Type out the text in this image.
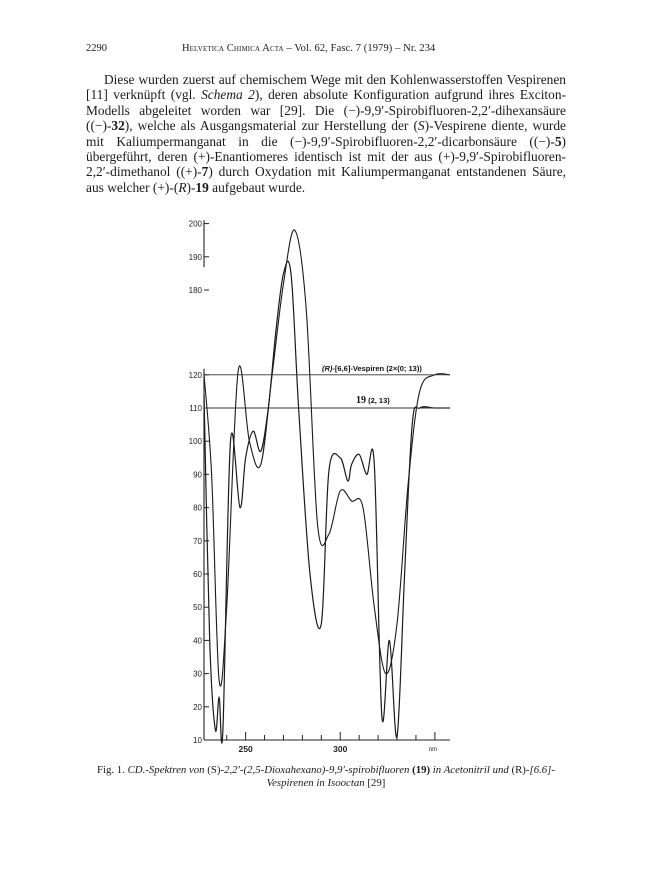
2290	Helvetica Chimica Acta – Vol. 62, Fasc. 7 (1979) – Nr. 234

Diese wurden zuerst auf chemischem Wege mit den Kohlenwasserstoffen Vespirenen [11] verknüpft (vgl. Schema 2), deren absolute Konfiguration aufgrund ihres Exciton-Modells abgeleitet worden war [29]. Die (−)-9,9′-Spirobifluoren-2,2′-dihexansäure ((−)-32), welche als Ausgangsmaterial zur Herstellung der (S)-Vespirene diente, wurde mit Kaliumpermanganat in die (−)-9,9′-Spirobifluoren-2,2′-dicarbonsäure ((−)-5) übergeführt, deren (+)-Enantiomeres identisch ist mit der aus (+)-9,9′-Spirobifluoren-2,2′-dimethanol ((+)-7) durch Oxydation mit Kaliumpermanganat entstandenen Säure, aus welcher (+)-(R)-19 aufgebaut wurde.

200
190
180
120
110
100
90
80
70
60
50
40
30
20
10
250	300	nm
(R)-[6,6]-Vespiren (2×(0; 13))
19 (2, 13)
Fig. 1. CD.-Spektren von (S)-2,2′-(2,5-Dioxahexano)-9,9′-spirobifluoren (19) in Acetonitril und (R)-[6.6]-
Vespirenen in Isooctan [29]
